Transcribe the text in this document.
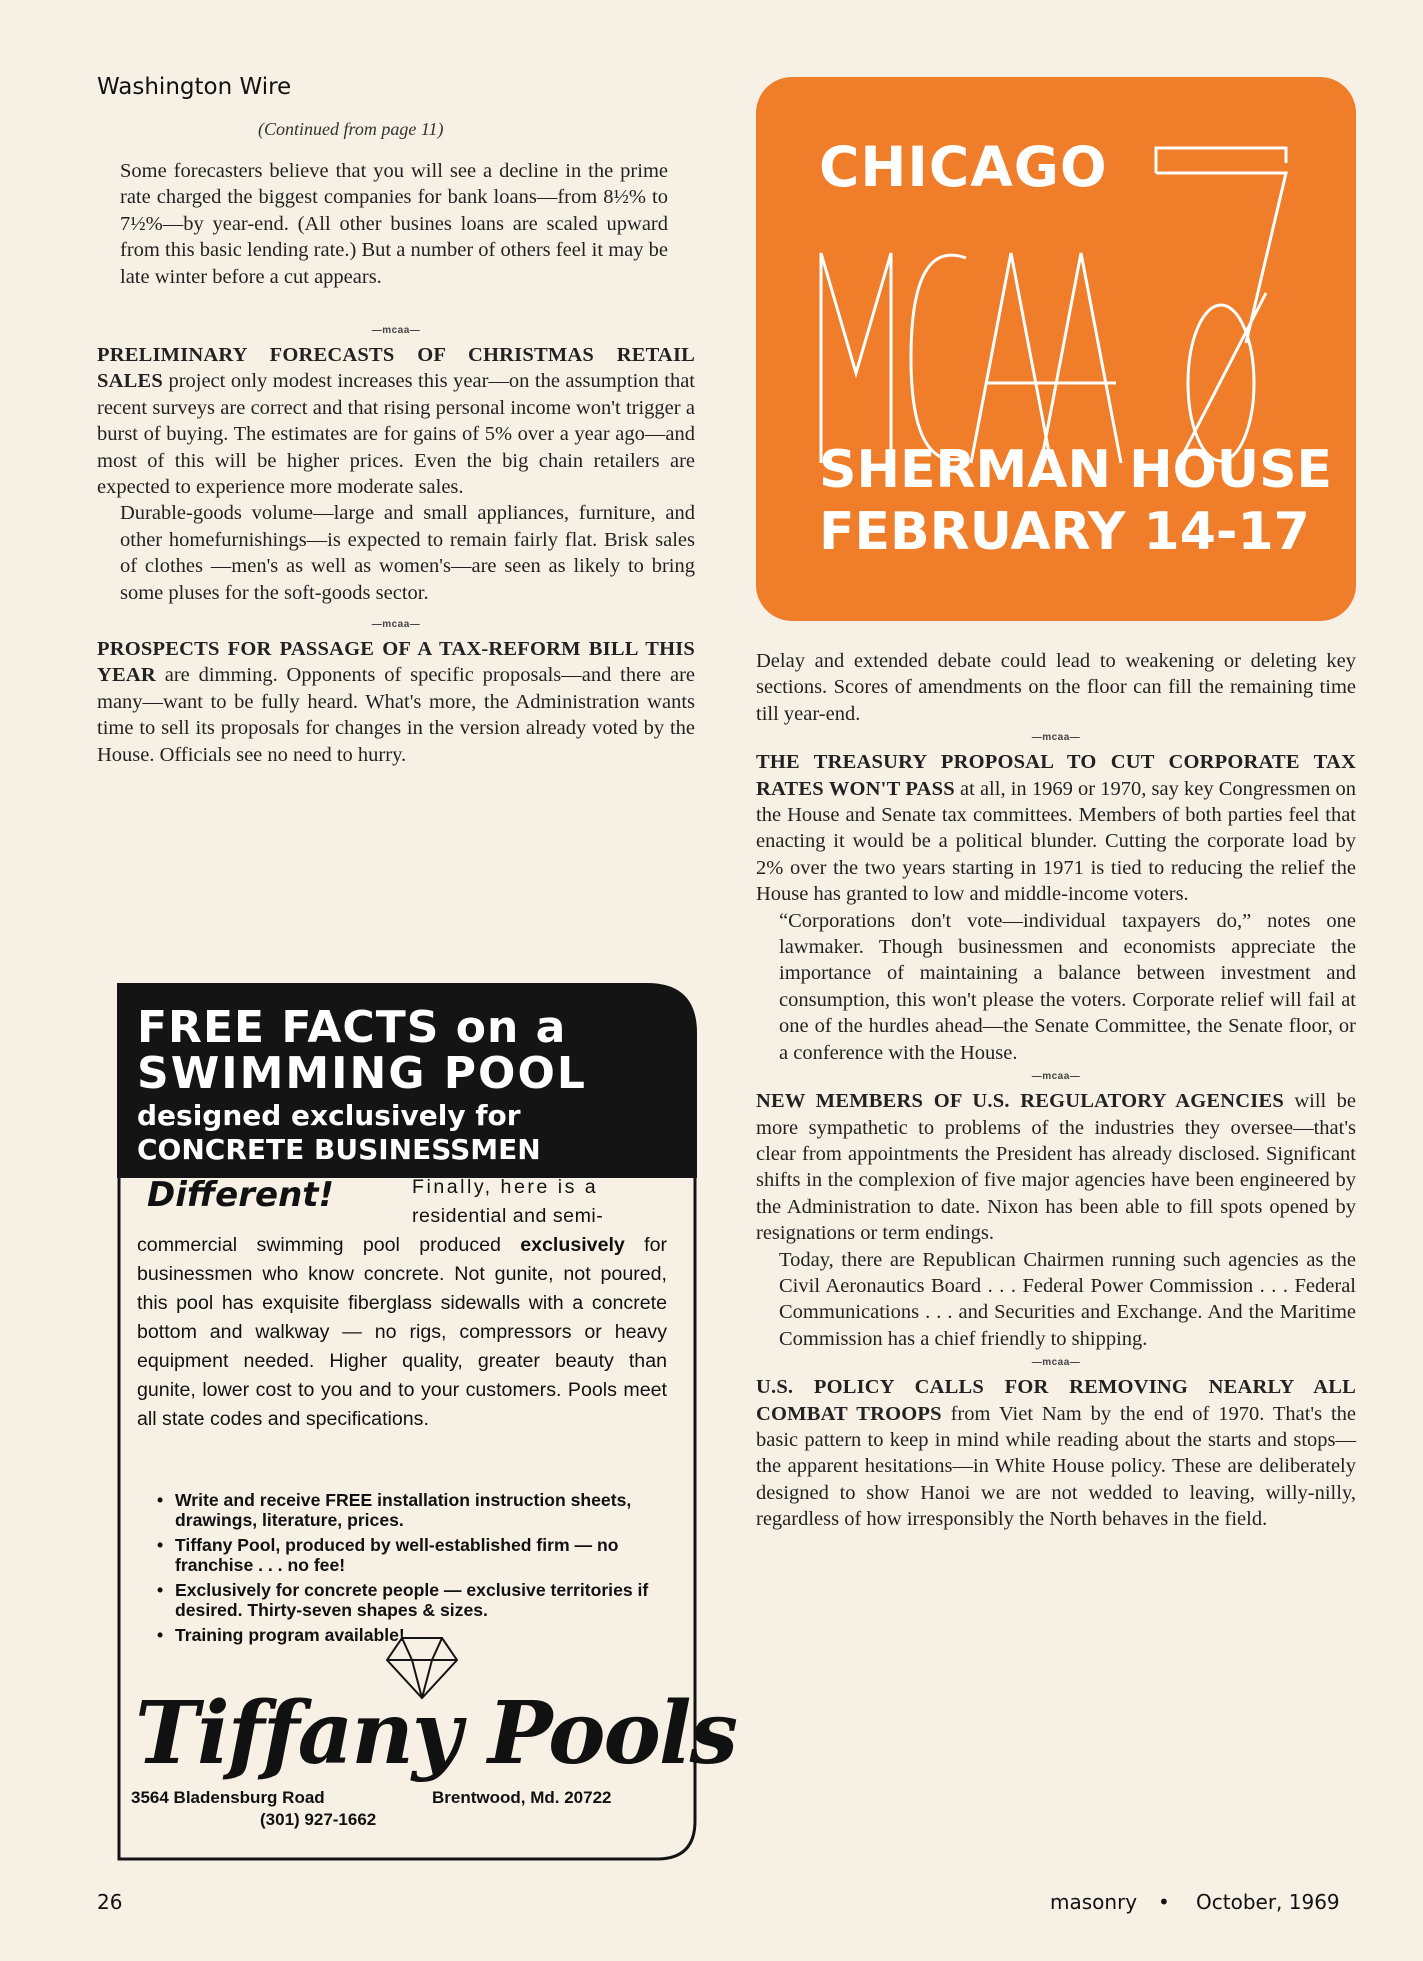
Washington Wire
(Continued from page 11)

Some forecasters believe that you will see a decline in the prime rate charged the biggest companies for bank loans—from 8½% to 7½%—by year-end. (All other busines loans are scaled upward from this basic lending rate.) But a number of others feel it may be late winter before a cut appears.

—mcaa—

PRELIMINARY FORECASTS OF CHRISTMAS RETAIL SALES project only modest increases this year—on the assumption that recent surveys are correct and that rising personal income won't trigger a burst of buying. The estimates are for gains of 5% over a year ago—and most of this will be higher prices. Even the big chain retailers are expected to experience more moderate sales.

Durable-goods volume—large and small appliances, furniture, and other homefurnishings—is expected to remain fairly flat. Brisk sales of clothes —men's as well as women's—are seen as likely to bring some pluses for the soft-goods sector.

—mcaa—

PROSPECTS FOR PASSAGE OF A TAX-REFORM BILL THIS YEAR are dimming. Opponents of specific proposals—and there are many—want to be fully heard. What's more, the Administration wants time to sell its proposals for changes in the version already voted by the House. Officials see no need to hurry.

CHICAGO
SHERMAN HOUSE
FEBRUARY 14-17

Delay and extended debate could lead to weakening or deleting key sections. Scores of amendments on the floor can fill the remaining time till year-end.

—mcaa—

THE TREASURY PROPOSAL TO CUT CORPORATE TAX RATES WON'T PASS at all, in 1969 or 1970, say key Congressmen on the House and Senate tax committees. Members of both parties feel that enacting it would be a political blunder. Cutting the corporate load by 2% over the two years starting in 1971 is tied to reducing the relief the House has granted to low and middle-income voters.

“Corporations don't vote—individual taxpayers do,” notes one lawmaker. Though businessmen and economists appreciate the importance of maintaining a balance between investment and consumption, this won't please the voters. Corporate relief will fail at one of the hurdles ahead—the Senate Committee, the Senate floor, or a conference with the House.

—mcaa—

NEW MEMBERS OF U.S. REGULATORY AGENCIES will be more sympathetic to problems of the industries they oversee—that's clear from appointments the President has already disclosed. Significant shifts in the complexion of five major agencies have been engineered by the Administration to date. Nixon has been able to fill spots opened by resignations or term endings.

Today, there are Republican Chairmen running such agencies as the Civil Aeronautics Board . . . Federal Power Commission . . . Federal Communications . . . and Securities and Exchange. And the Maritime Commission has a chief friendly to shipping.

—mcaa—

U.S. POLICY CALLS FOR REMOVING NEARLY ALL COMBAT TROOPS from Viet Nam by the end of 1970. That's the basic pattern to keep in mind while reading about the starts and stops—the apparent hesitations—in White House policy. These are deliberately designed to show Hanoi we are not wedded to leaving, willy-nilly, regardless of how irresponsibly the North behaves in the field.

FREE FACTS on a
SWIMMING POOL
designed exclusively for
CONCRETE BUSINESSMEN
Different!	Finally, here is a
residential and semi-
commercial swimming pool produced exclusively for businessmen who know concrete. Not gunite, not poured, this pool has exquisite fiberglass sidewalls with a concrete bottom and walkway — no rigs, compressors or heavy equipment needed. Higher quality, greater beauty than gunite, lower cost to you and to your customers. Pools meet all state codes and specifications.
• Write and receive FREE installation instruction sheets, drawings, literature, prices.
• Tiffany Pool, produced by well-established firm — no franchise . . . no fee!
• Exclusively for concrete people — exclusive territories if desired. Thirty-seven shapes & sizes.
• Training program available!
Tiffany Pools
3564 Bladensburg Road	Brentwood, Md. 20722
(301) 927-1662
26	masonry • October, 1969
